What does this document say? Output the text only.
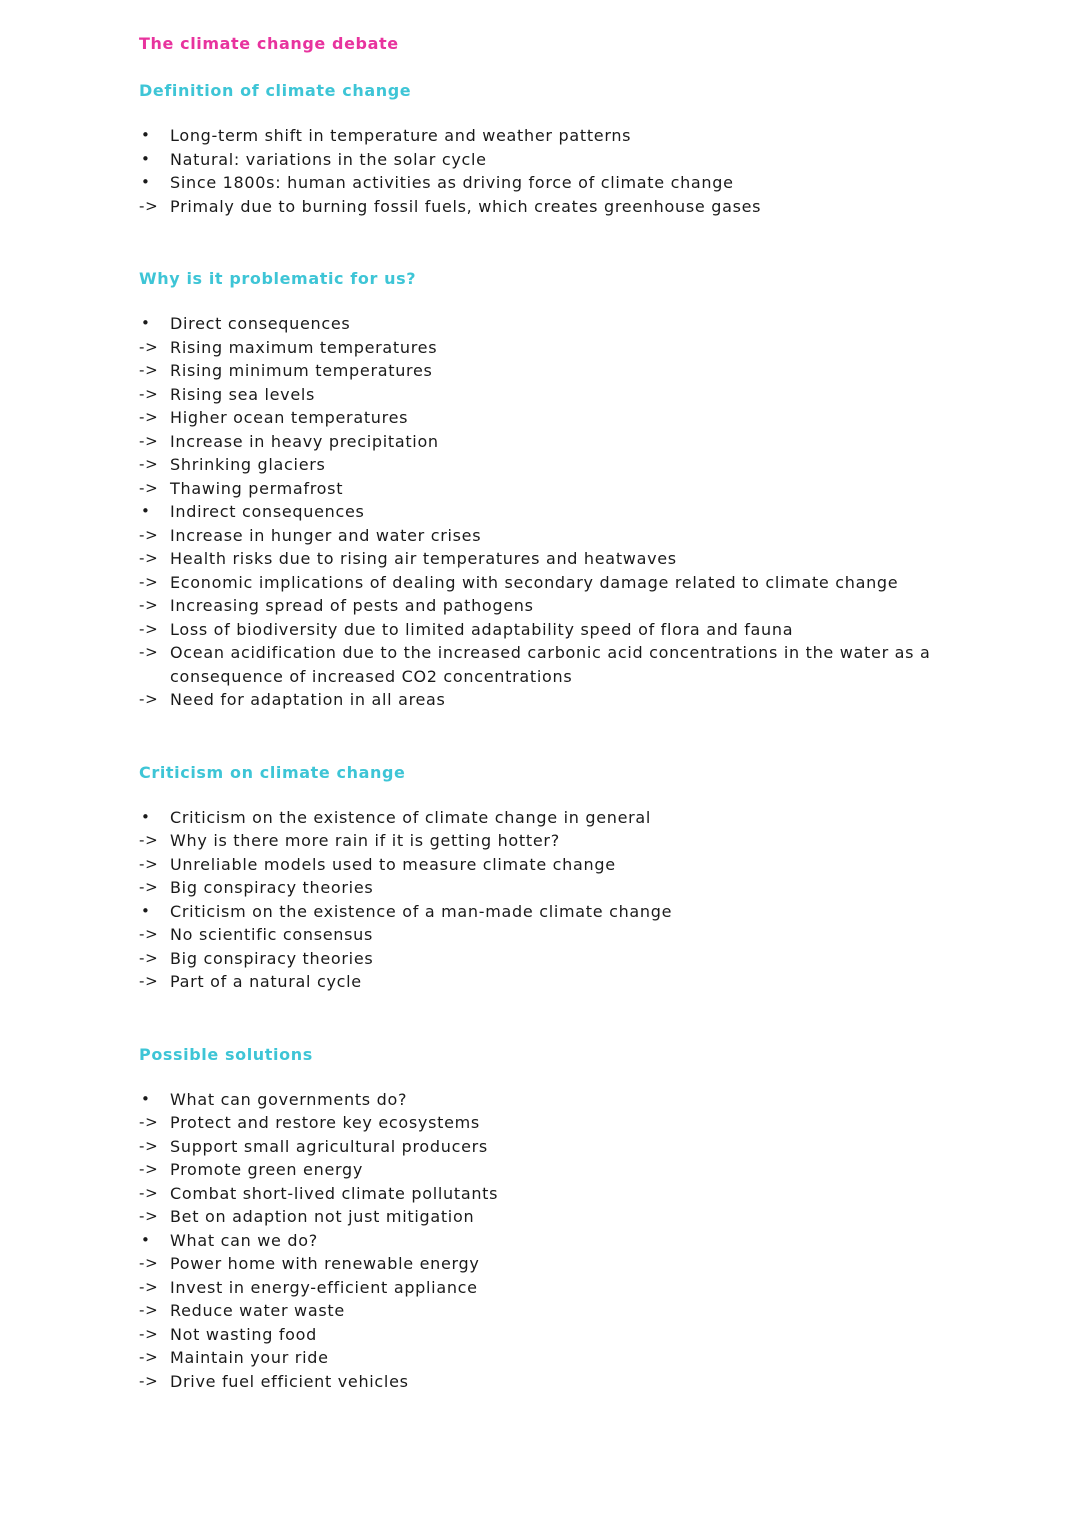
The climate change debate
Definition of climate change
•	Long-term shift in temperature and weather patterns
•	Natural: variations in the solar cycle
•	Since 1800s: human activities as driving force of climate change
-> Primaly due to burning fossil fuels, which creates greenhouse gases
Why is it problematic for us?
•	Direct consequences
-> Rising maximum temperatures
-> Rising minimum temperatures
-> Rising sea levels
-> Higher ocean temperatures
-> Increase in heavy precipitation
-> Shrinking glaciers
-> Thawing permafrost
•	Indirect consequences
-> Increase in hunger and water crises
-> Health risks due to rising air temperatures and heatwaves
-> Economic implications of dealing with secondary damage related to climate change
-> Increasing spread of pests and pathogens
-> Loss of biodiversity due to limited adaptability speed of flora and fauna
-> Ocean acidification due to the increased carbonic acid concentrations in the water as a consequence of increased CO2 concentrations
-> Need for adaptation in all areas
Criticism on climate change
•	Criticism on the existence of climate change in general
-> Why is there more rain if it is getting hotter?
-> Unreliable models used to measure climate change
-> Big conspiracy theories
•	Criticism on the existence of a man-made climate change
-> No scientific consensus
-> Big conspiracy theories
-> Part of a natural cycle
Possible solutions
•	What can governments do?
-> Protect and restore key ecosystems
-> Support small agricultural producers
-> Promote green energy
-> Combat short-lived climate pollutants
-> Bet on adaption not just mitigation
•	What can we do?
-> Power home with renewable energy
-> Invest in energy-efficient appliance
-> Reduce water waste
-> Not wasting food
-> Maintain your ride
-> Drive fuel efficient vehicles
